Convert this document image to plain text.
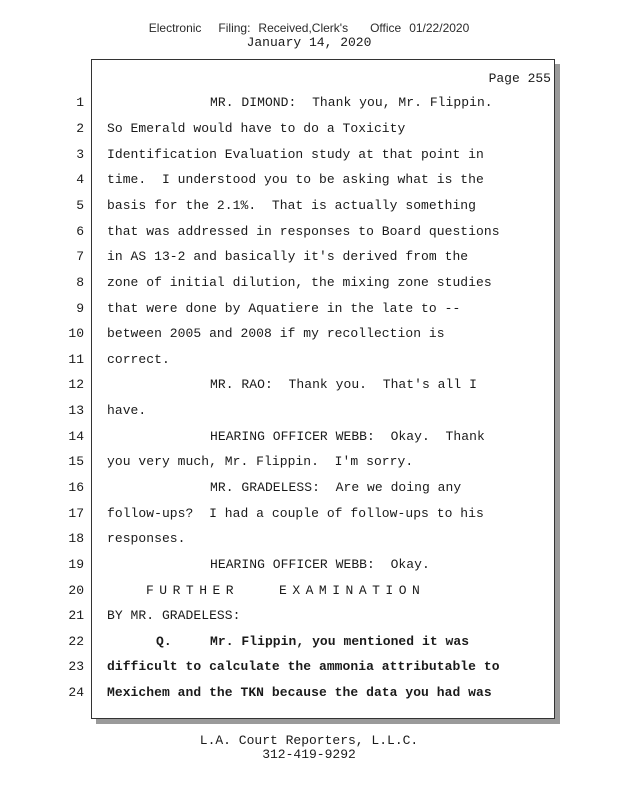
Electronic Filing: Received,Clerk's Office 01/22/2020
January 14, 2020
Page 255
1	MR. DIMOND:  Thank you, Mr. Flippin.
2 So Emerald would have to do a Toxicity
3 Identification Evaluation study at that point in
4 time.  I understood you to be asking what is the
5 basis for the 2.1%.  That is actually something
6 that was addressed in responses to Board questions
7 in AS 13-2 and basically it's derived from the
8 zone of initial dilution, the mixing zone studies
9 that were done by Aquatiere in the late to --
10 between 2005 and 2008 if my recollection is
11 correct.
12	MR. RAO:  Thank you.  That's all I
13 have.
14	HEARING OFFICER WEBB:  Okay.  Thank
15 you very much, Mr. Flippin.  I'm sorry.
16	MR. GRADELESS:  Are we doing any
17 follow-ups?  I had a couple of follow-ups to his
18 responses.
19	HEARING OFFICER WEBB:  Okay.
20	FURTHER   EXAMINATION
21 BY MR. GRADELESS:
22	Q.	Mr. Flippin, you mentioned it was
23 difficult to calculate the ammonia attributable to
24 Mexichem and the TKN because the data you had was
L.A. Court Reporters, L.L.C.
312-419-9292
